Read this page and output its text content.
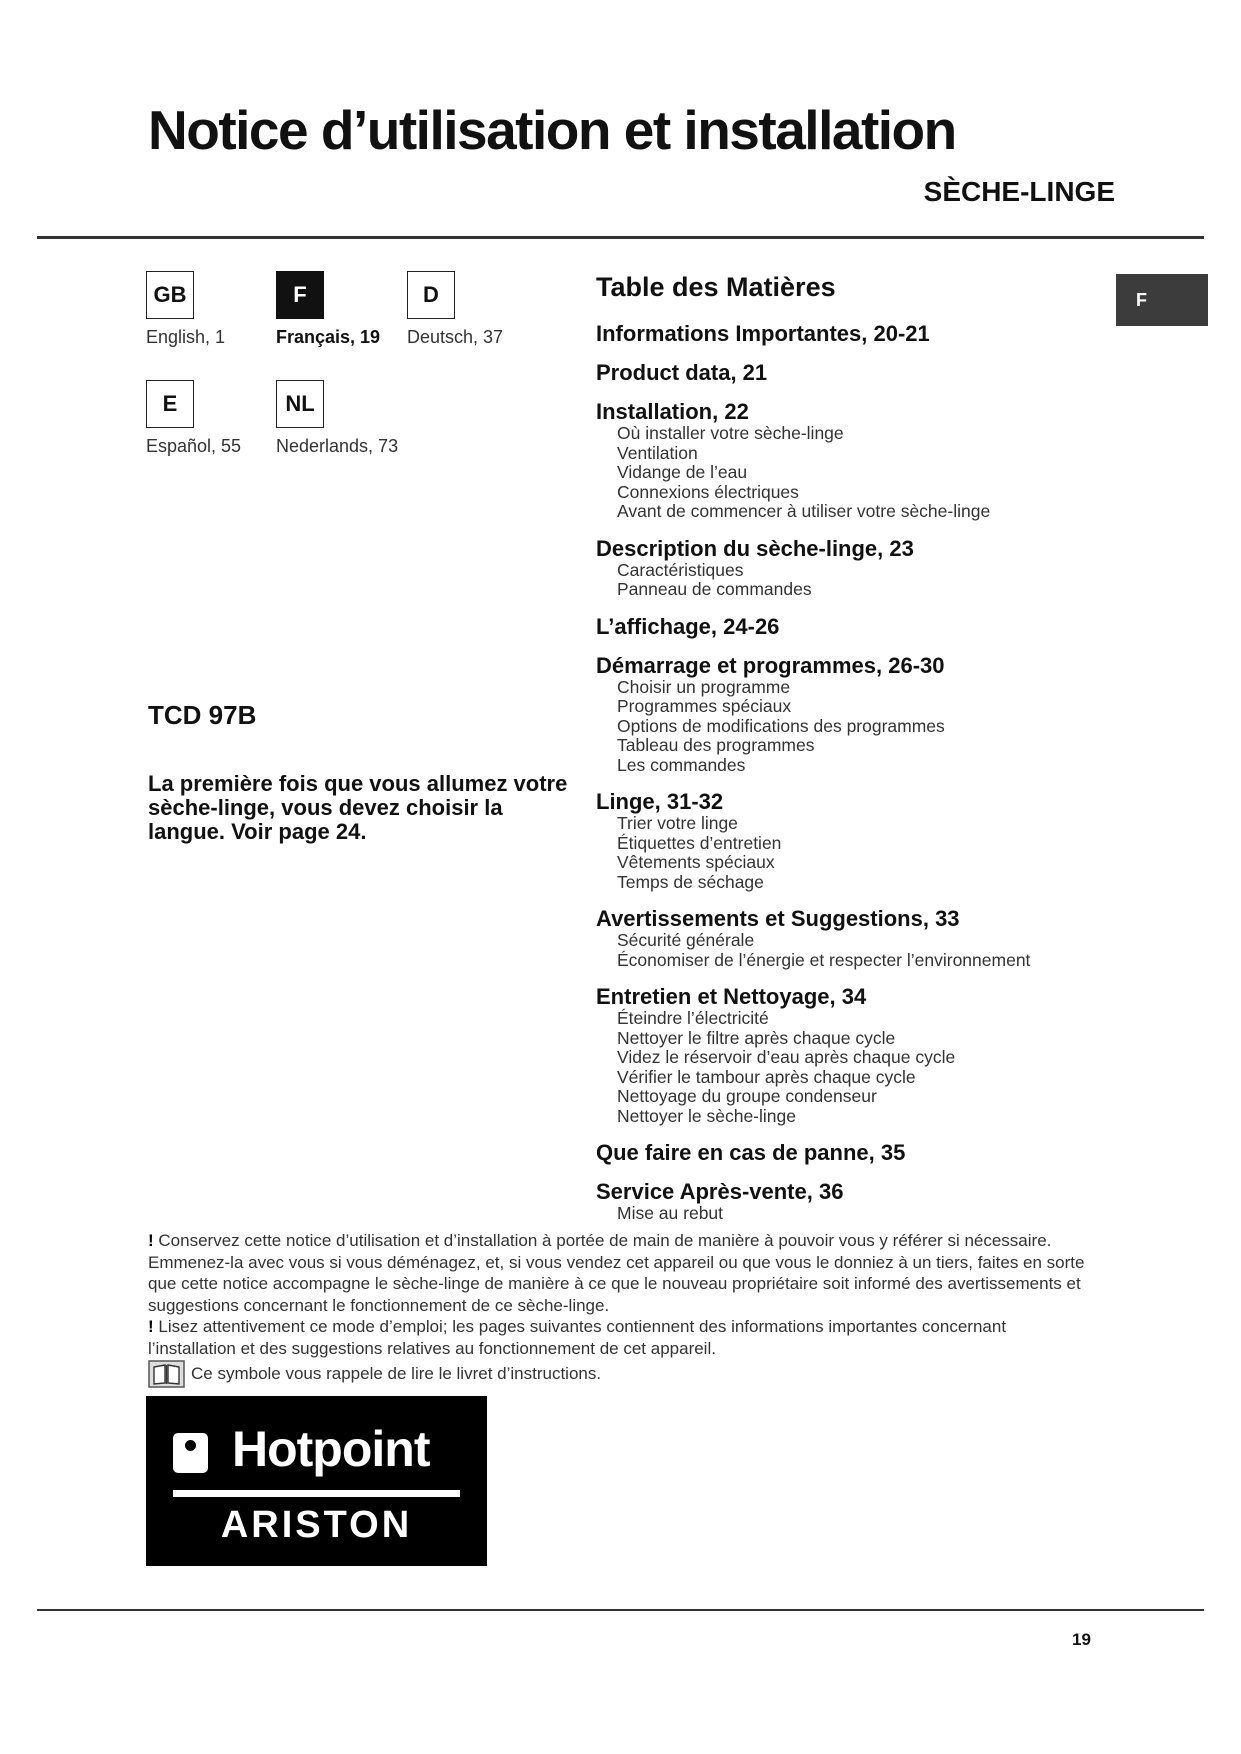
Notice d’utilisation et installation
SÈCHE-LINGE
GB
English, 1
F
Français, 19
D
Deutsch, 37
E
Español, 55
NL
Nederlands, 73
TCD 97B
La première fois que vous allumez votre sèche-linge, vous devez choisir la langue. Voir page 24.
Table des Matières	F
Informations Importantes, 20-21
Product data, 21
Installation, 22
Où installer votre sèche-linge
Ventilation
Vidange de l’eau
Connexions électriques
Avant de commencer à utiliser votre sèche-linge
Description du sèche-linge, 23
Caractéristiques
Panneau de commandes
L’affichage, 24-26
Démarrage et programmes, 26-30
Choisir un programme
Programmes spéciaux
Options de modifications des programmes
Tableau des programmes
Les commandes
Linge, 31-32
Trier votre linge
Étiquettes d’entretien
Vêtements spéciaux
Temps de séchage
Avertissements et Suggestions, 33
Sécurité générale
Économiser de l’énergie et respecter l’environnement
Entretien et Nettoyage, 34
Éteindre l’électricité
Nettoyer le filtre après chaque cycle
Videz le réservoir d’eau après chaque cycle
Vérifier le tambour après chaque cycle
Nettoyage du groupe condenseur
Nettoyer le sèche-linge
Que faire en cas de panne, 35
Service Après-vente, 36
Mise au rebut
! Conservez cette notice d’utilisation et d’installation à portée de main de manière à pouvoir vous y référer si nécessaire. Emmenez-la avec vous si vous déménagez, et, si vous vendez cet appareil ou que vous le donniez à un tiers, faites en sorte que cette notice accompagne le sèche-linge de manière à ce que le nouveau propriétaire soit informé des avertissements et suggestions concernant le fonctionnement de ce sèche-linge.
! Lisez attentivement ce mode d’emploi; les pages suivantes contiennent des informations importantes concernant l’installation et des suggestions relatives au fonctionnement de cet appareil.
Ce symbole vous rappele de lire le livret d’instructions.
Hotpoint
ARISTON
19
